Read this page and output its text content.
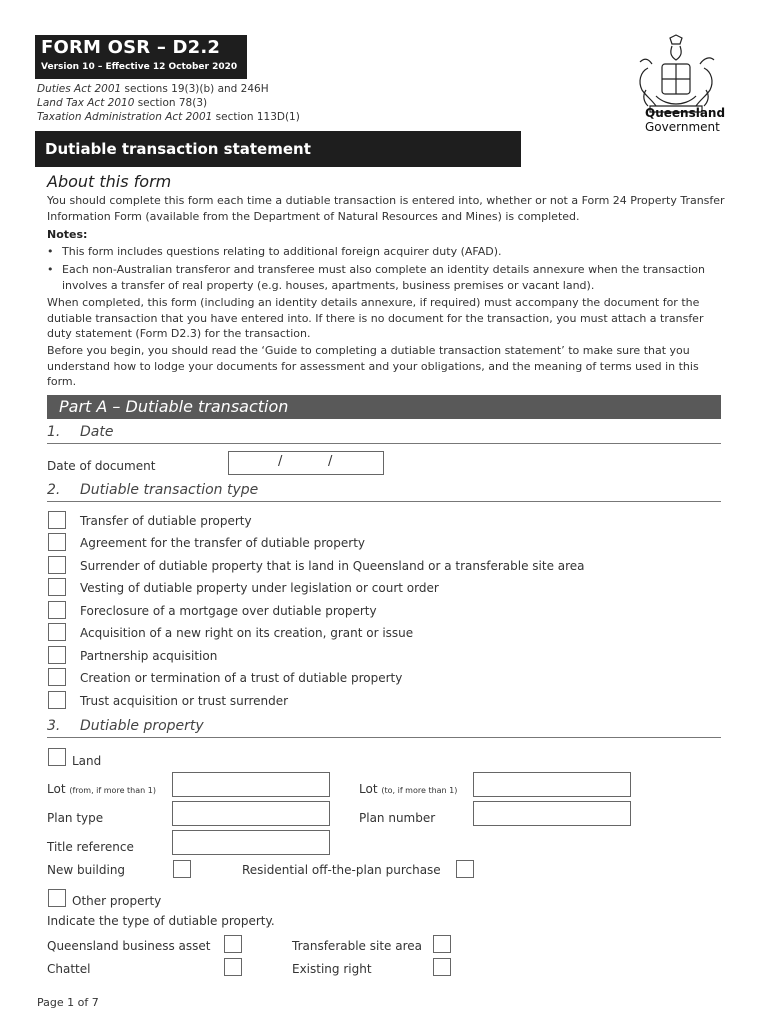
FORM OSR – D2.2
Version 10 – Effective 12 October 2020
Duties Act 2001 sections 19(3)(b) and 246H
Land Tax Act 2010 section 78(3)
Taxation Administration Act 2001 section 113D(1)	Queensland
Government
Dutiable transaction statement
About this form
You should complete this form each time a dutiable transaction is entered into, whether or not a Form 24 Property Transfer Information Form (available from the Department of Natural Resources and Mines) is completed.
Notes:
• This form includes questions relating to additional foreign acquirer duty (AFAD).
• Each non-Australian transferor and transferee must also complete an identity details annexure when the transaction involves a transfer of real property (e.g. houses, apartments, business premises or vacant land).
When completed, this form (including an identity details annexure, if required) must accompany the document for the dutiable transaction that you have entered into. If there is no document for the transaction, you must attach a transfer duty statement (Form D2.3) for the transaction.
Before you begin, you should read the ‘Guide to completing a dutiable transaction statement’ to make sure that you understand how to lodge your documents for assessment and your obligations, and the meaning of terms used in this form.
Part A – Dutiable transaction
1. Date
Date of document	/	/
2. Dutiable transaction type
Transfer of dutiable property
Agreement for the transfer of dutiable property
Surrender of dutiable property that is land in Queensland or a transferable site area
Vesting of dutiable property under legislation or court order
Foreclosure of a mortgage over dutiable property
Acquisition of a new right on its creation, grant or issue
Partnership acquisition
Creation or termination of a trust of dutiable property
Trust acquisition or trust surrender
3. Dutiable property
Land
Lot (from, if more than 1)	Lot (to, if more than 1)
Plan type	Plan number
Title reference
New building	Residential off-the-plan purchase
Other property
Indicate the type of dutiable property.
Queensland business asset	Transferable site area
Chattel	Existing right
Page 1 of 7
